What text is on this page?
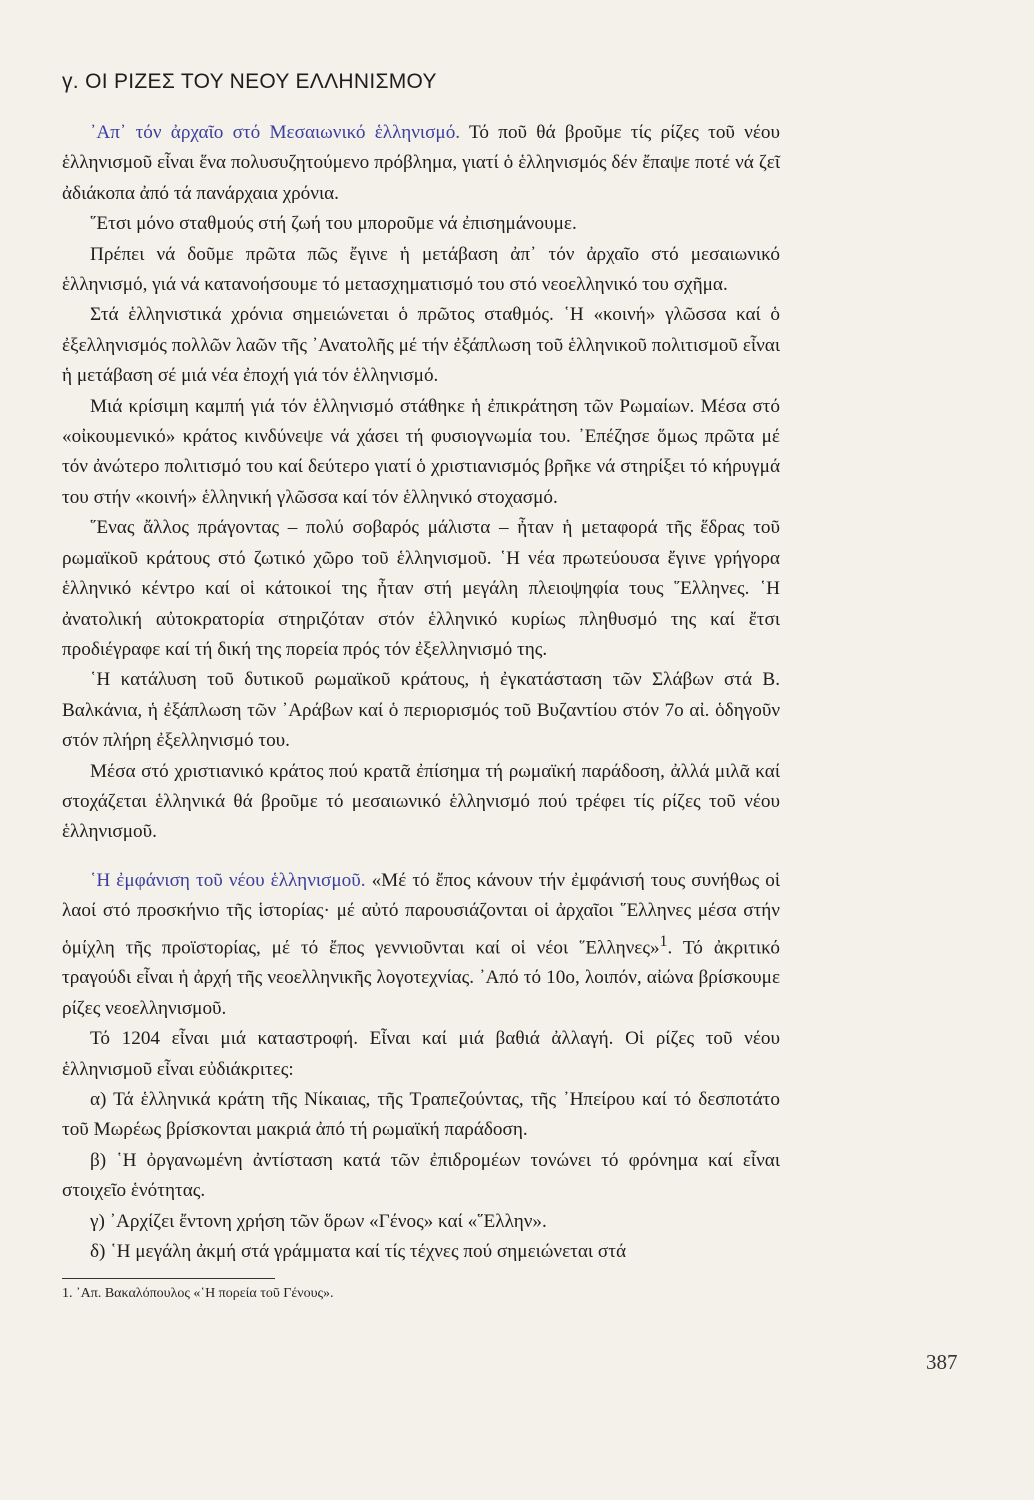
γ. ΟΙ ΡΙΖΕΣ ΤΟΥ ΝΕΟΥ ΕΛΛΗΝΙΣΜΟΥ

᾿Απ᾿ τόν ἀρχαῖο στό Μεσαιωνικό ἑλληνισμό. Τό ποῦ θά βροῦμε τίς ρίζες τοῦ νέου ἑλληνισμοῦ εἶναι ἕνα πολυσυζητούμενο πρόβλημα, γιατί ὁ ἑλληνισμός δέν ἔπαψε ποτέ νά ζεῖ ἀδιάκοπα ἀπό τά πανάρχαια χρόνια.

῞Ετσι μόνο σταθμούς στή ζωή του μποροῦμε νά ἐπισημάνουμε.

Πρέπει νά δοῦμε πρῶτα πῶς ἔγινε ἡ μετάβαση ἀπ᾿ τόν ἀρχαῖο στό μεσαιωνικό ἑλληνισμό, γιά νά κατανοήσουμε τό μετασχηματισμό του στό νεοελληνικό του σχῆμα.

Στά ἑλληνιστικά χρόνια σημειώνεται ὁ πρῶτος σταθμός. ῾Η «κοινή» γλῶσσα καί ὁ ἐξελληνισμός πολλῶν λαῶν τῆς ᾿Ανατολῆς μέ τήν ἐξάπλωση τοῦ ἑλληνικοῦ πολιτισμοῦ εἶναι ἡ μετάβαση σέ μιά νέα ἐποχή γιά τόν ἑλληνισμό.

Μιά κρίσιμη καμπή γιά τόν ἑλληνισμό στάθηκε ἡ ἐπικράτηση τῶν Ρωμαίων. Μέσα στό «οἰκουμενικό» κράτος κινδύνεψε νά χάσει τή φυσιογνωμία του. ᾿Επέζησε ὅμως πρῶτα μέ τόν ἀνώτερο πολιτισμό του καί δεύτερο γιατί ὁ χριστιανισμός βρῆκε νά στηρίξει τό κήρυγμά του στήν «κοινή» ἑλληνική γλῶσσα καί τόν ἑλληνικό στοχασμό.

῞Ενας ἄλλος πράγοντας – πολύ σοβαρός μάλιστα – ἦταν ἡ μεταφορά τῆς ἕδρας τοῦ ρωμαϊκοῦ κράτους στό ζωτικό χῶρο τοῦ ἑλληνισμοῦ. ῾Η νέα πρωτεύουσα ἔγινε γρήγορα ἑλληνικό κέντρο καί οἱ κάτοικοί της ἦταν στή μεγάλη πλειοψηφία τους ῞Ελληνες. ῾Η ἀνατολική αὐτοκρατορία στηριζόταν στόν ἑλληνικό κυρίως πληθυσμό της καί ἔτσι προδιέγραφε καί τή δική της πορεία πρός τόν ἐξελληνισμό της.

῾Η κατάλυση τοῦ δυτικοῦ ρωμαϊκοῦ κράτους, ἡ ἐγκατάσταση τῶν Σλάβων στά Β. Βαλκάνια, ἡ ἐξάπλωση τῶν ᾿Αράβων καί ὁ περιορισμός τοῦ Βυζαντίου στόν 7ο αἰ. ὁδηγοῦν στόν πλήρη ἐξελληνισμό του.

Μέσα στό χριστιανικό κράτος πού κρατᾶ ἐπίσημα τή ρωμαϊκή παράδοση, ἀλλά μιλᾶ καί στοχάζεται ἑλληνικά θά βροῦμε τό μεσαιωνικό ἑλληνισμό πού τρέφει τίς ρίζες τοῦ νέου ἑλληνισμοῦ.

῾Η ἐμφάνιση τοῦ νέου ἑλληνισμοῦ. «Μέ τό ἔπος κάνουν τήν ἐμφάνισή τους συνήθως οἱ λαοί στό προσκήνιο τῆς ἱστορίας· μέ αὐτό παρουσιάζονται οἱ ἀρχαῖοι ῞Ελληνες μέσα στήν ὁμίχλη τῆς προϊστορίας, μέ τό ἔπος γεννιοῦνται καί οἱ νέοι ῞Ελληνες»$^1$. Τό ἀκριτικό τραγούδι εἶναι ἡ ἀρχή τῆς νεοελληνικῆς λογοτεχνίας. ᾿Από τό 10ο, λοιπόν, αἰώνα βρίσκουμε ρίζες νεοελληνισμοῦ.

Τό 1204 εἶναι μιά καταστροφή. Εἶναι καί μιά βαθιά ἀλλαγή. Οἱ ρίζες τοῦ νέου ἑλληνισμοῦ εἶναι εὐδιάκριτες:

α) Τά ἑλληνικά κράτη τῆς Νίκαιας, τῆς Τραπεζούντας, τῆς ᾿Ηπείρου καί τό δεσποτάτο τοῦ Μωρέως βρίσκονται μακριά ἀπό τή ρωμαϊκή παράδοση.

β) ῾Η ὀργανωμένη ἀντίσταση κατά τῶν ἐπιδρομέων τονώνει τό φρόνημα καί εἶναι στοιχεῖο ἑνότητας.

γ) ᾿Αρχίζει ἔντονη χρήση τῶν ὅρων «Γένος» καί «῞Ελλην».

δ) ῾Η μεγάλη ἀκμή στά γράμματα καί τίς τέχνες πού σημειώνεται στά

1. ᾿Απ. Βακαλόπουλος «῾Η πορεία τοῦ Γένους».
387
